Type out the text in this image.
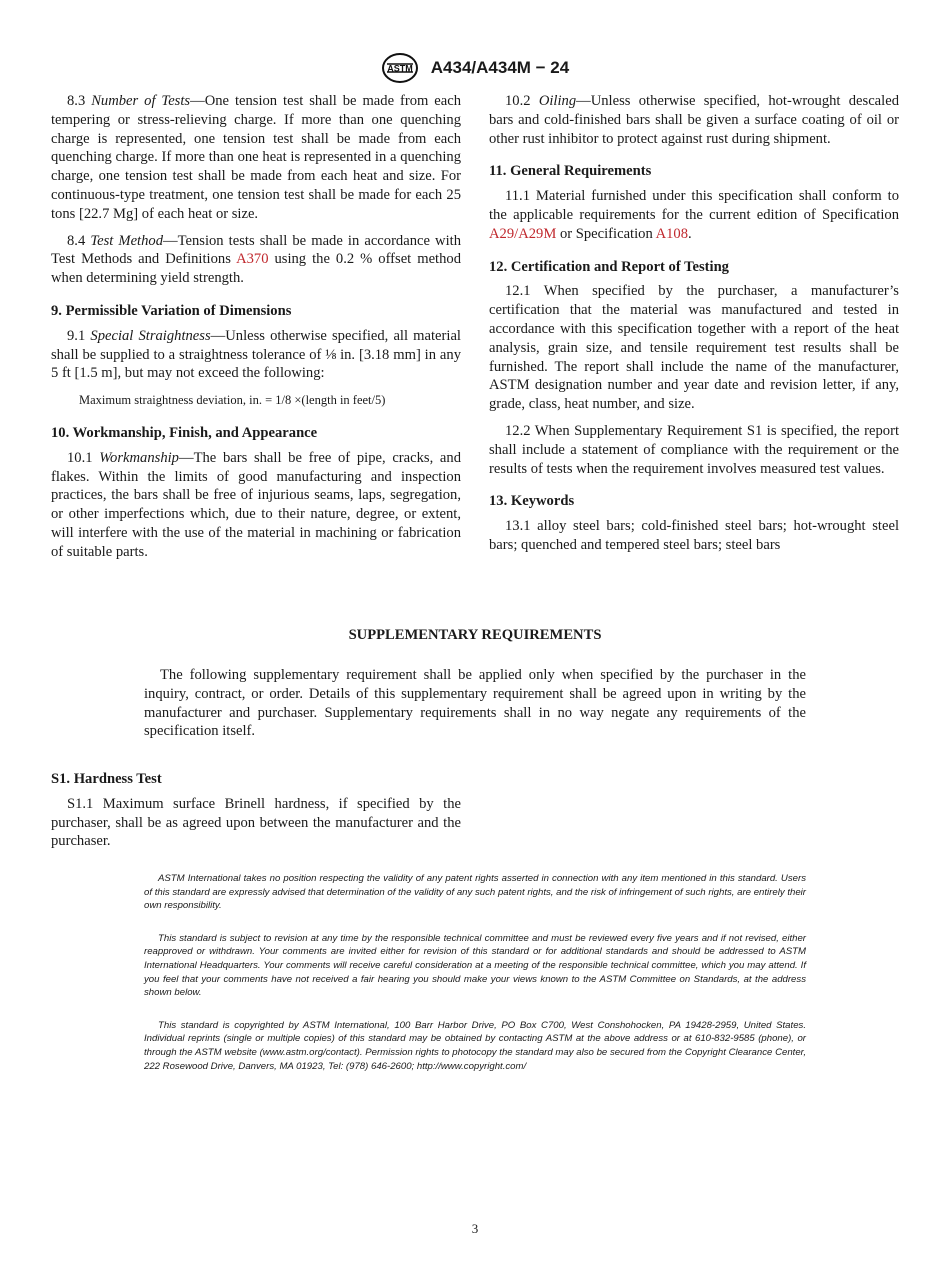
ASTM A434/A434M − 24

8.3 Number of Tests—One tension test shall be made from each tempering or stress-relieving charge. If more than one quenching charge is represented, one tension test shall be made from each quenching charge. If more than one heat is represented in a quenching charge, one tension test shall be made from each heat and size. For continuous-type treatment, one tension test shall be made for each 25 tons [22.7 Mg] of each heat or size.

8.4 Test Method—Tension tests shall be made in accordance with Test Methods and Definitions A370 using the 0.2 % offset method when determining yield strength.

9. Permissible Variation of Dimensions

9.1 Special Straightness—Unless otherwise specified, all material shall be supplied to a straightness tolerance of ⅛ in. [3.18 mm] in any 5 ft [1.5 m], but may not exceed the following:

Maximum straightness deviation, in. = 1/8 ×(length in feet/5)

10. Workmanship, Finish, and Appearance

10.1 Workmanship—The bars shall be free of pipe, cracks, and flakes. Within the limits of good manufacturing and inspection practices, the bars shall be free of injurious seams, laps, segregation, or other imperfections which, due to their nature, degree, or extent, will interfere with the use of the material in machining or fabrication of suitable parts.

10.2 Oiling—Unless otherwise specified, hot-wrought descaled bars and cold-finished bars shall be given a surface coating of oil or other rust inhibitor to protect against rust during shipment.

11. General Requirements

11.1 Material furnished under this specification shall conform to the applicable requirements for the current edition of Specification A29/A29M or Specification A108.

12. Certification and Report of Testing

12.1 When specified by the purchaser, a manufacturer’s certification that the material was manufactured and tested in accordance with this specification together with a report of the heat analysis, grain size, and tensile requirement test results shall be furnished. The report shall include the name of the manufacturer, ASTM designation number and year date and revision letter, if any, grade, class, heat number, and size.

12.2 When Supplementary Requirement S1 is specified, the report shall include a statement of compliance with the requirement or the results of tests when the requirement involves measured test values.

13. Keywords

13.1 alloy steel bars; cold-finished steel bars; hot-wrought steel bars; quenched and tempered steel bars; steel bars

SUPPLEMENTARY REQUIREMENTS

The following supplementary requirement shall be applied only when specified by the purchaser in the inquiry, contract, or order. Details of this supplementary requirement shall be agreed upon in writing by the manufacturer and purchaser. Supplementary requirements shall in no way negate any requirements of the specification itself.

S1. Hardness Test

S1.1 Maximum surface Brinell hardness, if specified by the purchaser, shall be as agreed upon between the manufacturer and the purchaser.

ASTM International takes no position respecting the validity of any patent rights asserted in connection with any item mentioned in this standard. Users of this standard are expressly advised that determination of the validity of any such patent rights, and the risk of infringement of such rights, are entirely their own responsibility.

This standard is subject to revision at any time by the responsible technical committee and must be reviewed every five years and if not revised, either reapproved or withdrawn. Your comments are invited either for revision of this standard or for additional standards and should be addressed to ASTM International Headquarters. Your comments will receive careful consideration at a meeting of the responsible technical committee, which you may attend. If you feel that your comments have not received a fair hearing you should make your views known to the ASTM Committee on Standards, at the address shown below.

This standard is copyrighted by ASTM International, 100 Barr Harbor Drive, PO Box C700, West Conshohocken, PA 19428-2959, United States. Individual reprints (single or multiple copies) of this standard may be obtained by contacting ASTM at the above address or at 610-832-9585 (phone), or through the ASTM website (www.astm.org/contact). Permission rights to photocopy the standard may also be secured from the Copyright Clearance Center, 222 Rosewood Drive, Danvers, MA 01923, Tel: (978) 646-2600; http://www.copyright.com/

3
